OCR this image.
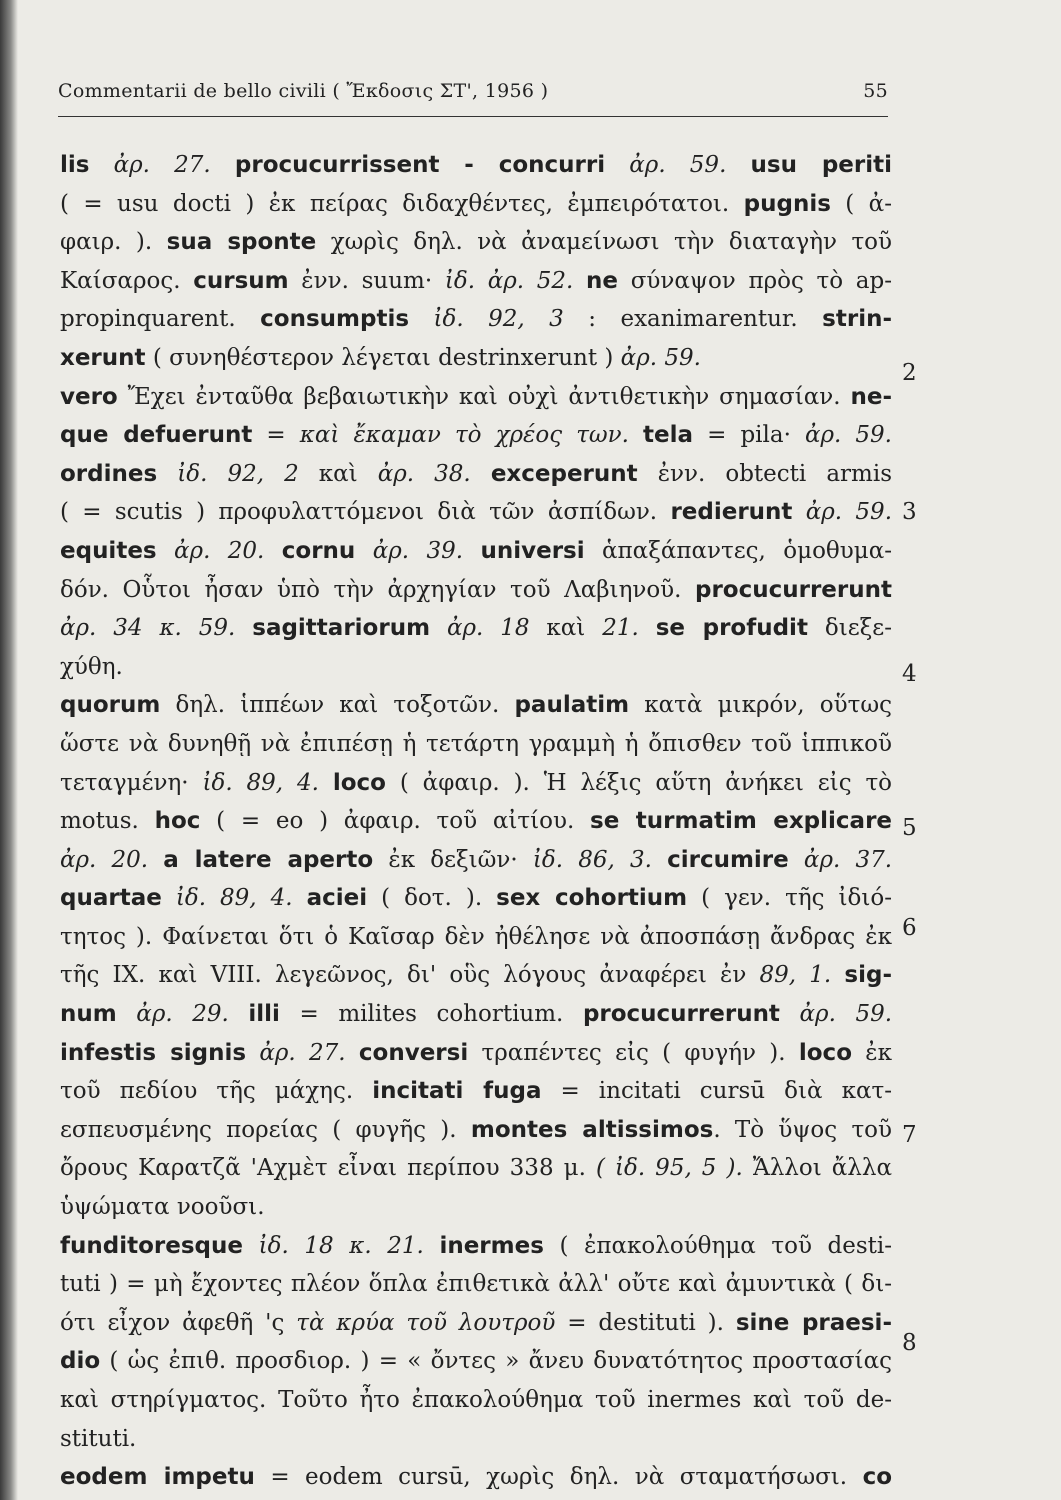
Commentarii de bello civili ( Ἔκδοσις ΣΤ', 1956 )	55
2
3
4
5
6
7
8
lis ἀρ. 27. procucurrissent - concurri ἀρ. 59. usu periti
( = usu docti ) ἐκ πείρας διδαχθέντες, ἐμπειρότατοι. pugnis ( ἀ-
φαιρ. ). sua sponte χωρὶς δηλ. νὰ ἀναμείνωσι τὴν διαταγὴν τοῦ
Καίσαρος. cursum ἐνν. suum· ἰδ. ἀρ. 52. ne σύναψον πρὸς τὸ ap-
propinquarent. consumptis ἰδ. 92, 3 : exanimarentur. strin-
xerunt ( συνηθέστερον λέγεται destrinxerunt ) ἀρ. 59.
vero Ἔχει ἐνταῦθα βεβαιωτικὴν καὶ οὐχὶ ἀντιθετικὴν σημασίαν. ne-
que defuerunt = καὶ ἔκαμαν τὸ χρέος των. tela = pila· ἀρ. 59.
ordines ἰδ. 92, 2 καὶ ἀρ. 38. exceperunt ἐνν. obtecti armis
( = scutis ) προφυλαττόμενοι διὰ τῶν ἀσπίδων. redierunt ἀρ. 59.
equites ἀρ. 20. cornu ἀρ. 39. universi ἁπαξάπαντες, ὁμοθυμα-
δόν. Οὗτοι ἦσαν ὑπὸ τὴν ἀρχηγίαν τοῦ Λαβιηνοῦ. procucurrerunt
ἀρ. 34 κ. 59. sagittariorum ἀρ. 18 καὶ 21. se profudit διεξε-
χύθη.
quorum δηλ. ἱππέων καὶ τοξοτῶν. paulatim κατὰ μικρόν, οὕτως
ὥστε νὰ δυνηθῇ νὰ ἐπιπέσῃ ἡ τετάρτη γραμμὴ ἡ ὄπισθεν τοῦ ἱππικοῦ
τεταγμένη· ἰδ. 89, 4. loco ( ἀφαιρ. ). Ἡ λέξις αὕτη ἀνήκει εἰς τὸ
motus. hoc ( = eo ) ἀφαιρ. τοῦ αἰτίου. se turmatim explicare
ἀρ. 20. a latere aperto ἐκ δεξιῶν· ἰδ. 86, 3. circumire ἀρ. 37.
quartae ἰδ. 89, 4. aciei ( δοτ. ). sex cohortium ( γεν. τῆς ἰδιό-
τητος ). Φαίνεται ὅτι ὁ Καῖσαρ δὲν ἠθέλησε νὰ ἀποσπάσῃ ἄνδρας ἐκ
τῆς IX. καὶ VIII. λεγεῶνος, δι' οὓς λόγους ἀναφέρει ἐν 89, 1. sig-
num ἀρ. 29. illi = milites cohortium. procucurrerunt ἀρ. 59.
infestis signis ἀρ. 27. conversi τραπέντες εἰς ( φυγήν ). loco ἐκ
τοῦ πεδίου τῆς μάχης. incitati fuga = incitati cursū διὰ κατ-
εσπευσμένης πορείας ( φυγῆς ). montes altissimos. Τὸ ὕψος τοῦ
ὄρους Καρατζᾶ 'Αχμὲτ εἶναι περίπου 338 μ. ( ἰδ. 95, 5 ). Ἄλλοι ἄλλα
ὑψώματα νοοῦσι.
funditoresque ἰδ. 18 κ. 21. inermes ( ἐπακολούθημα τοῦ desti-
tuti ) = μὴ ἔχοντες πλέον ὅπλα ἐπιθετικὰ ἀλλ' οὔτε καὶ ἀμυντικὰ ( δι-
ότι εἶχον ἀφεθῆ 'ς τὰ κρύα τοῦ λουτροῦ = destituti ). sine praesi-
dio ( ὡς ἐπιθ. προσδιορ. ) = « ὄντες » ἄνευ δυνατότητος προστασίας
καὶ στηρίγματος. Τοῦτο ἦτο ἐπακολούθημα τοῦ inermes καὶ τοῦ de-
stituti.
eodem impetu = eodem cursū, χωρὶς δηλ. νὰ σταματήσωσι. co
